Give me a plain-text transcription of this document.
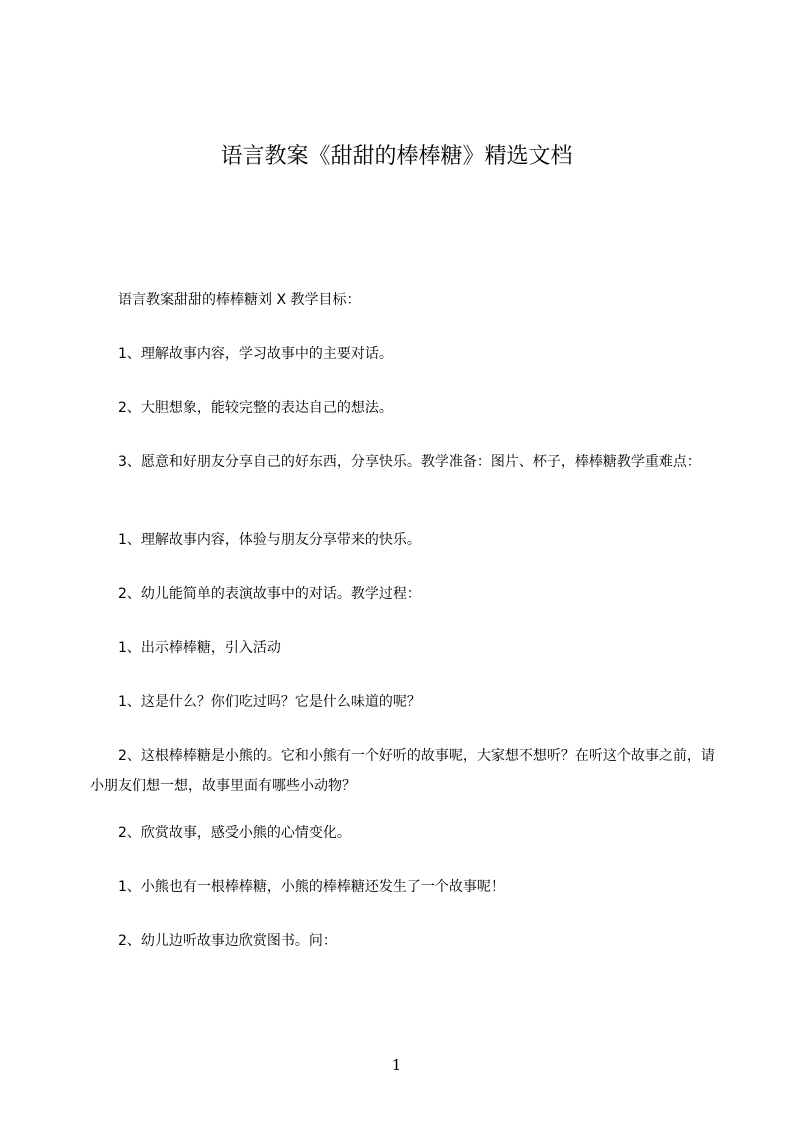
语言教案《甜甜的棒棒糖》精选文档

语言教案甜甜的棒棒糖刘 X 教学目标：

1、理解故事内容，学习故事中的主要对话。

2、大胆想象，能较完整的表达自己的想法。

3、愿意和好朋友分享自己的好东西，分享快乐。教学准备：图片、杯子，棒棒糖教学重难点：

1、理解故事内容，体验与朋友分享带来的快乐。

2、幼儿能简单的表演故事中的对话。教学过程：

1、出示棒棒糖，引入活动

1、这是什么？你们吃过吗？它是什么味道的呢？

2、这根棒棒糖是小熊的。它和小熊有一个好听的故事呢，大家想不想听？在听这个故事之前，请小朋友们想一想，故事里面有哪些小动物？

2、欣赏故事，感受小熊的心情变化。

1、小熊也有一根棒棒糖，小熊的棒棒糖还发生了一个故事呢！

2、幼儿边听故事边欣赏图书。问：

1
